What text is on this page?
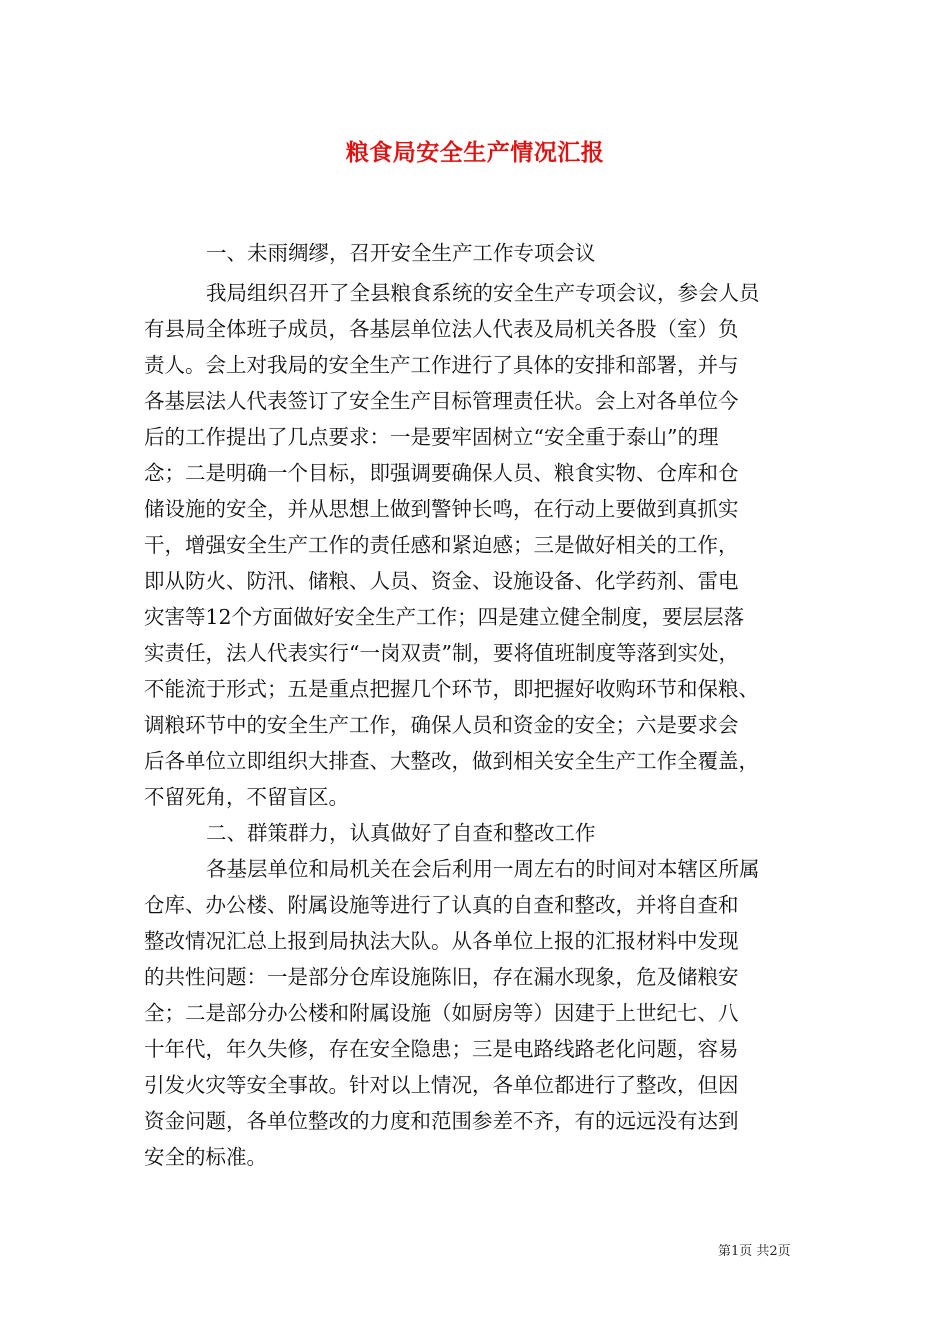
粮食局安全生产情况汇报

一、未雨绸缪，召开安全生产工作专项会议

我局组织召开了全县粮食系统的安全生产专项会议，参会人员

有县局全体班子成员，各基层单位法人代表及局机关各股（室）负

责人。会上对我局的安全生产工作进行了具体的安排和部署，并与

各基层法人代表签订了安全生产目标管理责任状。会上对各单位今

后的工作提出了几点要求：一是要牢固树立“安全重于泰山”的理

念；二是明确一个目标，即强调要确保人员、粮食实物、仓库和仓

储设施的安全，并从思想上做到警钟长鸣，在行动上要做到真抓实

干，增强安全生产工作的责任感和紧迫感；三是做好相关的工作，

即从防火、防汛、储粮、人员、资金、设施设备、化学药剂、雷电

灾害等12个方面做好安全生产工作；四是建立健全制度，要层层落

实责任，法人代表实行“一岗双责”制，要将值班制度等落到实处，

不能流于形式；五是重点把握几个环节，即把握好收购环节和保粮、

调粮环节中的安全生产工作，确保人员和资金的安全；六是要求会

后各单位立即组织大排查、大整改，做到相关安全生产工作全覆盖，

不留死角，不留盲区。

二、群策群力，认真做好了自查和整改工作

各基层单位和局机关在会后利用一周左右的时间对本辖区所属

仓库、办公楼、附属设施等进行了认真的自查和整改，并将自查和

整改情况汇总上报到局执法大队。从各单位上报的汇报材料中发现

的共性问题：一是部分仓库设施陈旧，存在漏水现象，危及储粮安

全；二是部分办公楼和附属设施（如厨房等）因建于上世纪七、八

十年代，年久失修，存在安全隐患；三是电路线路老化问题，容易

引发火灾等安全事故。针对以上情况，各单位都进行了整改，但因

资金问题，各单位整改的力度和范围参差不齐，有的远远没有达到

安全的标准。

第1页 共2页
